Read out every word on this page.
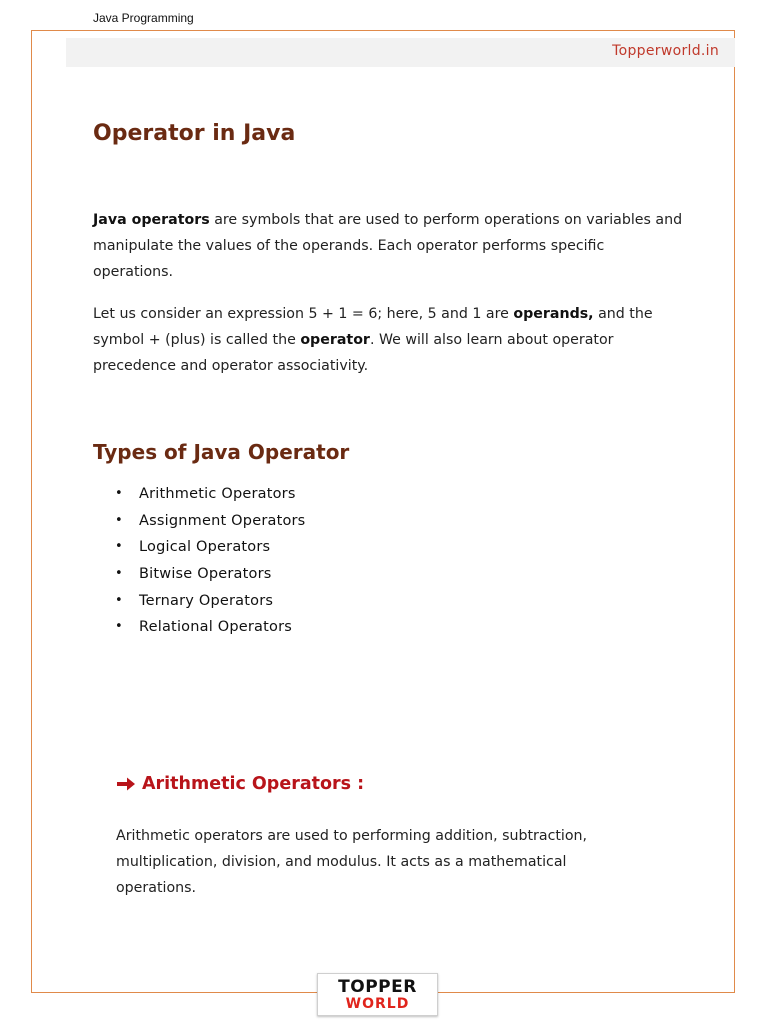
Java Programming
Topperworld.in
Operator in Java

Java operators are symbols that are used to perform operations on variables and manipulate the values of the operands. Each operator performs specific operations.

Let us consider an expression 5 + 1 = 6; here, 5 and 1 are operands, and the symbol + (plus) is called the operator. We will also learn about operator precedence and operator associativity.

Types of Java Operator
•	Arithmetic Operators
•	Assignment Operators
•	Logical Operators
•	Bitwise Operators
•	Ternary Operators
•	Relational Operators
Arithmetic Operators :

Arithmetic operators are used to performing addition, subtraction, multiplication, division, and modulus. It acts as a mathematical operations.

TOPPER
WORLD
